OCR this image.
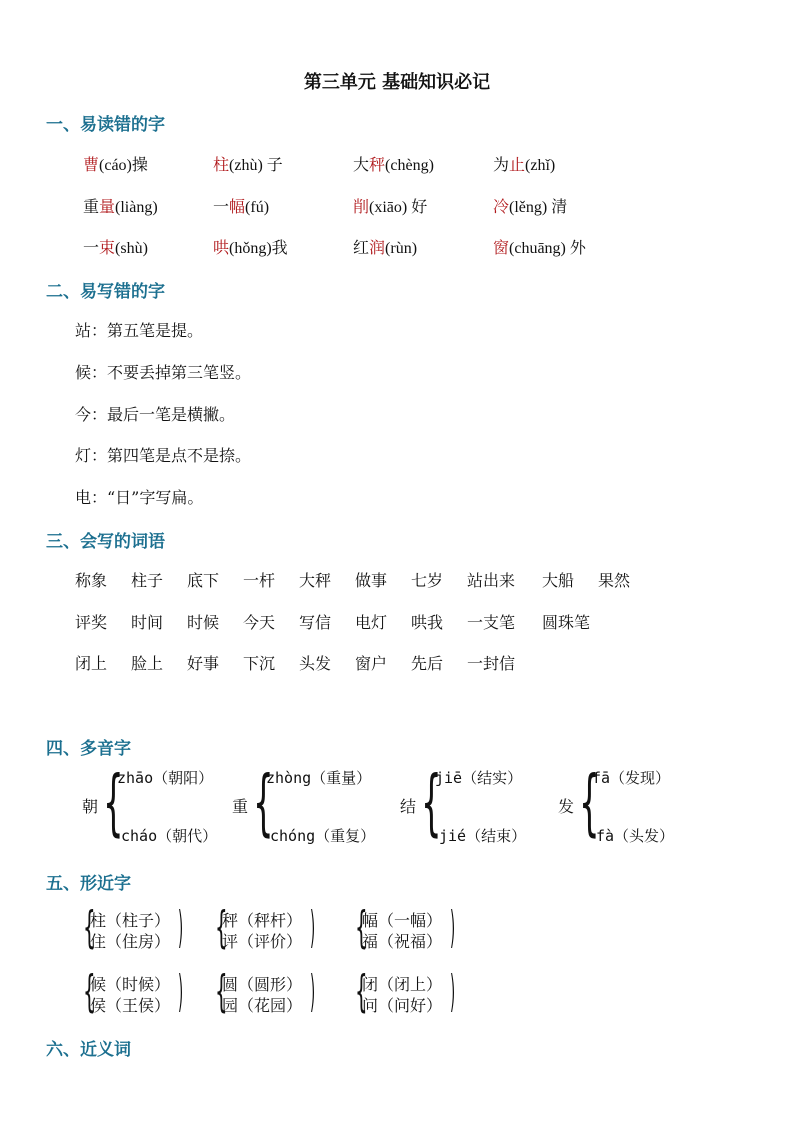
第三单元 基础知识必记
一、易读错的字
曹(cáo)操	柱(zhù) 子	大秤(chèng)	为止(zhǐ)
重量(liàng)	一幅(fú)	削(xiāo) 好	冷(lěng) 清
一束(shù)	哄(hǒng)我	红润(rùn)	窗(chuāng) 外
二、易写错的字
站：第五笔是提。
候：不要丢掉第三笔竖。
今：最后一笔是横撇。
灯：第四笔是点不是捺。
电：“日”字写扁。
三、会写的词语
称象 柱子 底下 一杆 大秤 做事 七岁 站出来 大船 果然
评奖 时间 时候 今天 写信 电灯 哄我 一支笔 圆珠笔
闭上 脸上 好事 下沉 头发 窗户 先后 一封信
四、多音字
朝 {
zhāo（朝阳）
cháo（朝代）
重 {
zhòng（重量）
chóng（重复）
结 {
jiē（结实）
jié（结束）
发 {
fā（发现）
fà（头发）
五、形近字
{
柱（柱子）
住（住房） ) {
秤（秤杆）
评（评价） ) {
幅（一幅）
福（祝福） )
{
候（时候）
侯（王侯） ) {
圆（圆形）
园（花园） ) {
闭（闭上）
问（问好） )
六、近义词
